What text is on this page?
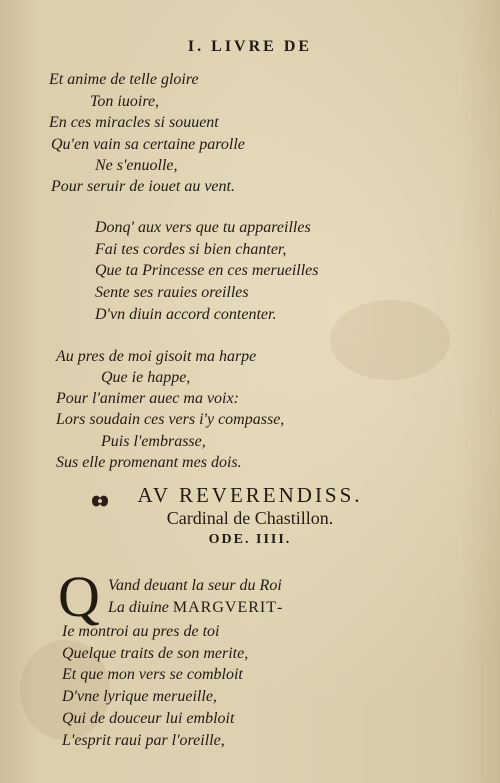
I. LIVRE DE
Et anime de telle gloire
Ton iuoire,
En ces miracles si souuent
Qu'en vain sa certaine parolle
Ne s'enuolle,
Pour seruir de iouet au vent.
Donq' aux vers que tu appareilles
Fai tes cordes si bien chanter,
Que ta Princesse en ces merueilles
Sente ses rauies oreilles
D'vn diuin accord contenter.
Au pres de moi gisoit ma harpe
Que ie happe,
Pour l'animer auec ma voix:
Lors soudain ces vers i'y compasse,
Puis l'embrasse,
Sus elle promenant mes dois.
AV REVERENDISS.
Cardinal de Chastillon.
ODE. IIII.
Q Vand deuant la seur du Roi
La diuine MARGVERIT-
Ie montroi au pres de toi
Quelque traits de son merite,
Et que mon vers se combloit
D'vne lyrique merueille,
Qui de douceur lui embloit
L'esprit raui par l'oreille,
